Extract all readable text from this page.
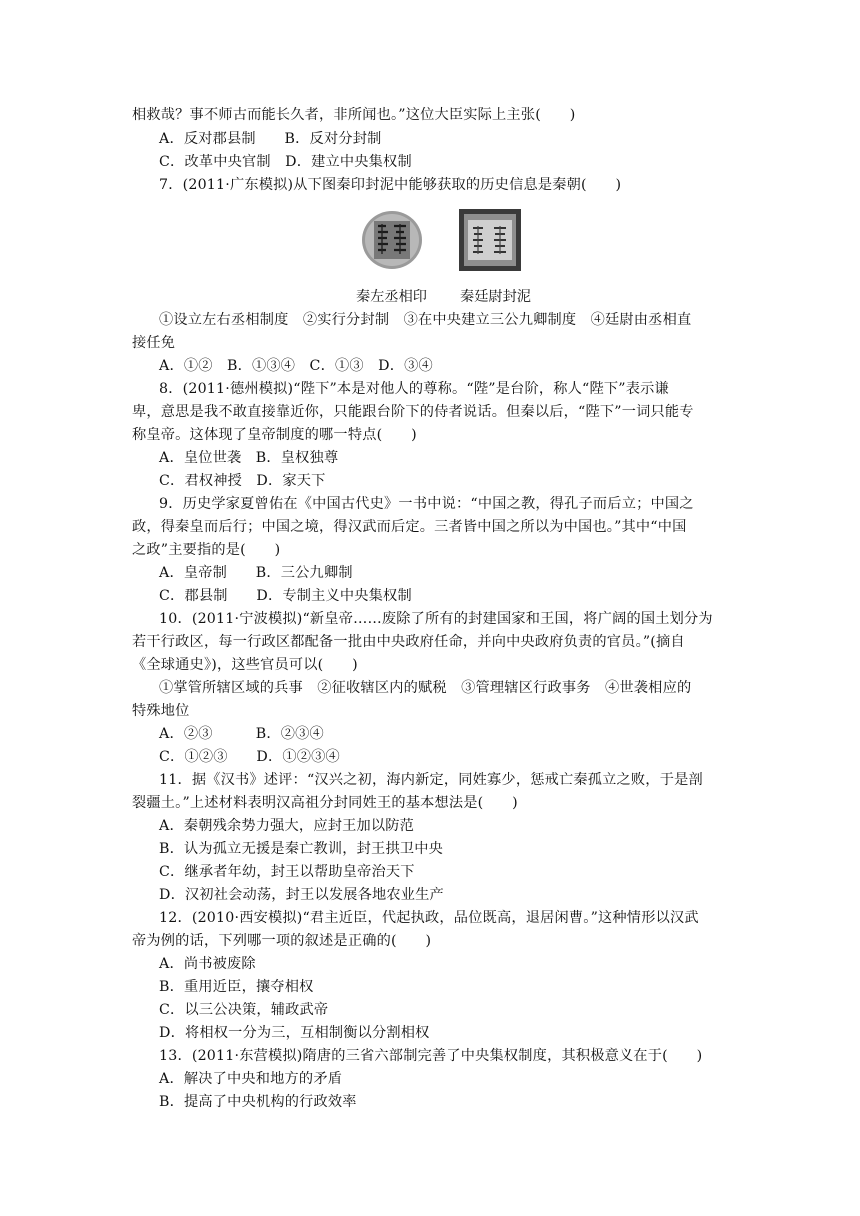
相救哉？事不师古而能长久者，非所闻也。”这位大臣实际上主张(　　)
A．反对郡县制　　B．反对分封制
C．改革中央官制　D．建立中央集权制
7．(2011·广东模拟)从下图秦印封泥中能够获取的历史信息是秦朝(　　)
秦左丞相印 秦廷尉封泥
①设立左右丞相制度　②实行分封制　③在中央建立三公九卿制度　④廷尉由丞相直
接任免
A．①②　B．①③④　C．①③　D．③④
8．(2011·德州模拟)“陛下”本是对他人的尊称。“陛”是台阶，称人“陛下”表示谦
卑，意思是我不敢直接靠近你，只能跟台阶下的侍者说话。但秦以后，“陛下”一词只能专
称皇帝。这体现了皇帝制度的哪一特点(　　)
A．皇位世袭　B．皇权独尊
C．君权神授　D．家天下
9．历史学家夏曾佑在《中国古代史》一书中说：“中国之教，得孔子而后立；中国之
政，得秦皇而后行；中国之境，得汉武而后定。三者皆中国之所以为中国也。”其中“中国
之政”主要指的是(　　)
A．皇帝制　　B．三公九卿制
C．郡县制　　D．专制主义中央集权制
10．(2011·宁波模拟)“新皇帝……废除了所有的封建国家和王国，将广阔的国土划分为
若干行政区，每一行政区都配备一批由中央政府任命，并向中央政府负责的官员。”(摘自
《全球通史》)，这些官员可以(　　)
①掌管所辖区域的兵事　②征收辖区内的赋税　③管理辖区行政事务　④世袭相应的
特殊地位
A．②③　　　B．②③④
C．①②③　　D．①②③④
11．据《汉书》述评：“汉兴之初，海内新定，同姓寡少，惩戒亡秦孤立之败，于是剖
裂疆土。”上述材料表明汉高祖分封同姓王的基本想法是(　　)
A．秦朝残余势力强大，应封王加以防范
B．认为孤立无援是秦亡教训，封王拱卫中央
C．继承者年幼，封王以帮助皇帝治天下
D．汉初社会动荡，封王以发展各地农业生产
12．(2010·西安模拟)“君主近臣，代起执政，品位既高，退居闲曹。”这种情形以汉武
帝为例的话，下列哪一项的叙述是正确的(　　)
A．尚书被废除
B．重用近臣，攘夺相权
C．以三公决策，辅政武帝
D．将相权一分为三，互相制衡以分割相权
13．(2011·东营模拟)隋唐的三省六部制完善了中央集权制度，其积极意义在于(　　)
A．解决了中央和地方的矛盾
B．提高了中央机构的行政效率
